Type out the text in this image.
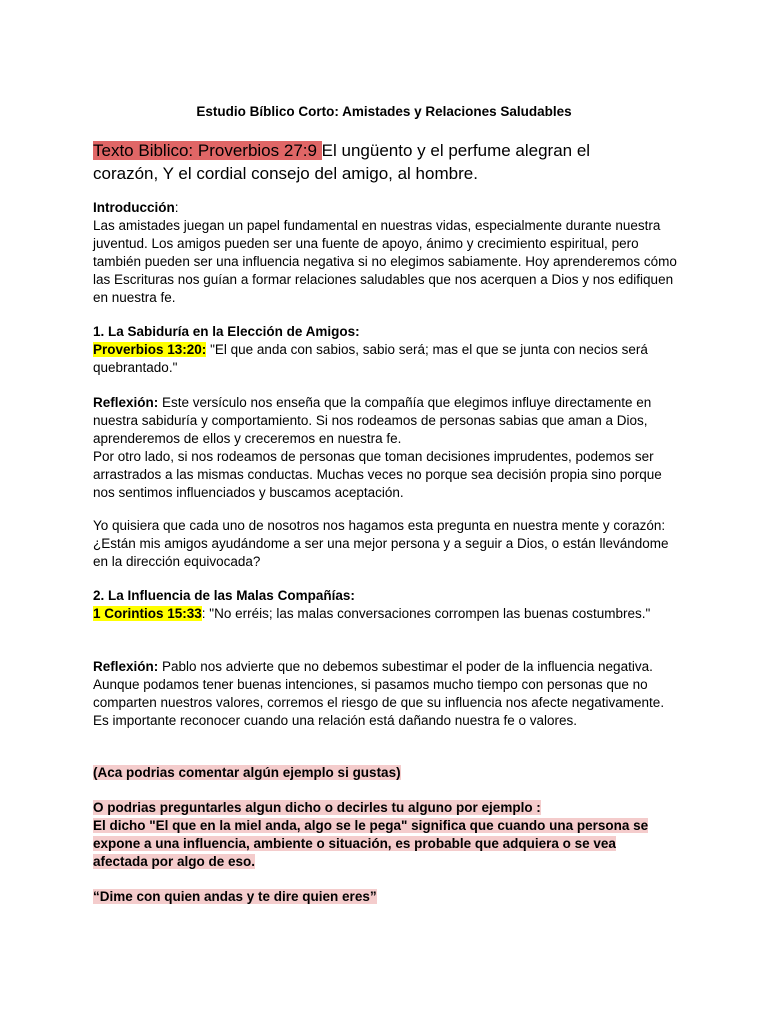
Estudio Bíblico Corto: Amistades y Relaciones Saludables

Texto Biblico: Proverbios 27:9 El ungüento y el perfume alegran el corazón, Y el cordial consejo del amigo, al hombre.

Introducción:

Las amistades juegan un papel fundamental en nuestras vidas, especialmente durante nuestra juventud. Los amigos pueden ser una fuente de apoyo, ánimo y crecimiento espiritual, pero también pueden ser una influencia negativa si no elegimos sabiamente. Hoy aprenderemos cómo las Escrituras nos guían a formar relaciones saludables que nos acerquen a Dios y nos edifiquen en nuestra fe.

1. La Sabiduría en la Elección de Amigos:

Proverbios 13:20: "El que anda con sabios, sabio será; mas el que se junta con necios será quebrantado."

Reflexión: Este versículo nos enseña que la compañía que elegimos influye directamente en nuestra sabiduría y comportamiento. Si nos rodeamos de personas sabias que aman a Dios, aprenderemos de ellos y creceremos en nuestra fe.

Por otro lado, si nos rodeamos de personas que toman decisiones imprudentes, podemos ser arrastrados a las mismas conductas. Muchas veces no porque sea decisión propia sino porque nos sentimos influenciados y buscamos aceptación.

Yo quisiera que cada uno de nosotros nos hagamos esta pregunta en nuestra mente y corazón: ¿Están mis amigos ayudándome a ser una mejor persona y a seguir a Dios, o están llevándome en la dirección equivocada?

2. La Influencia de las Malas Compañías:

1 Corintios 15:33: "No erréis; las malas conversaciones corrompen las buenas costumbres."

Reflexión: Pablo nos advierte que no debemos subestimar el poder de la influencia negativa. Aunque podamos tener buenas intenciones, si pasamos mucho tiempo con personas que no comparten nuestros valores, corremos el riesgo de que su influencia nos afecte negativamente. Es importante reconocer cuando una relación está dañando nuestra fe o valores.

(Aca podrias comentar algún ejemplo si gustas)

O podrias preguntarles algun dicho o decirles tu alguno por ejemplo :

El dicho "El que en la miel anda, algo se le pega" significa que cuando una persona se expone a una influencia, ambiente o situación, es probable que adquiera o se vea afectada por algo de eso.

“Dime con quien andas y te dire quien eres”
